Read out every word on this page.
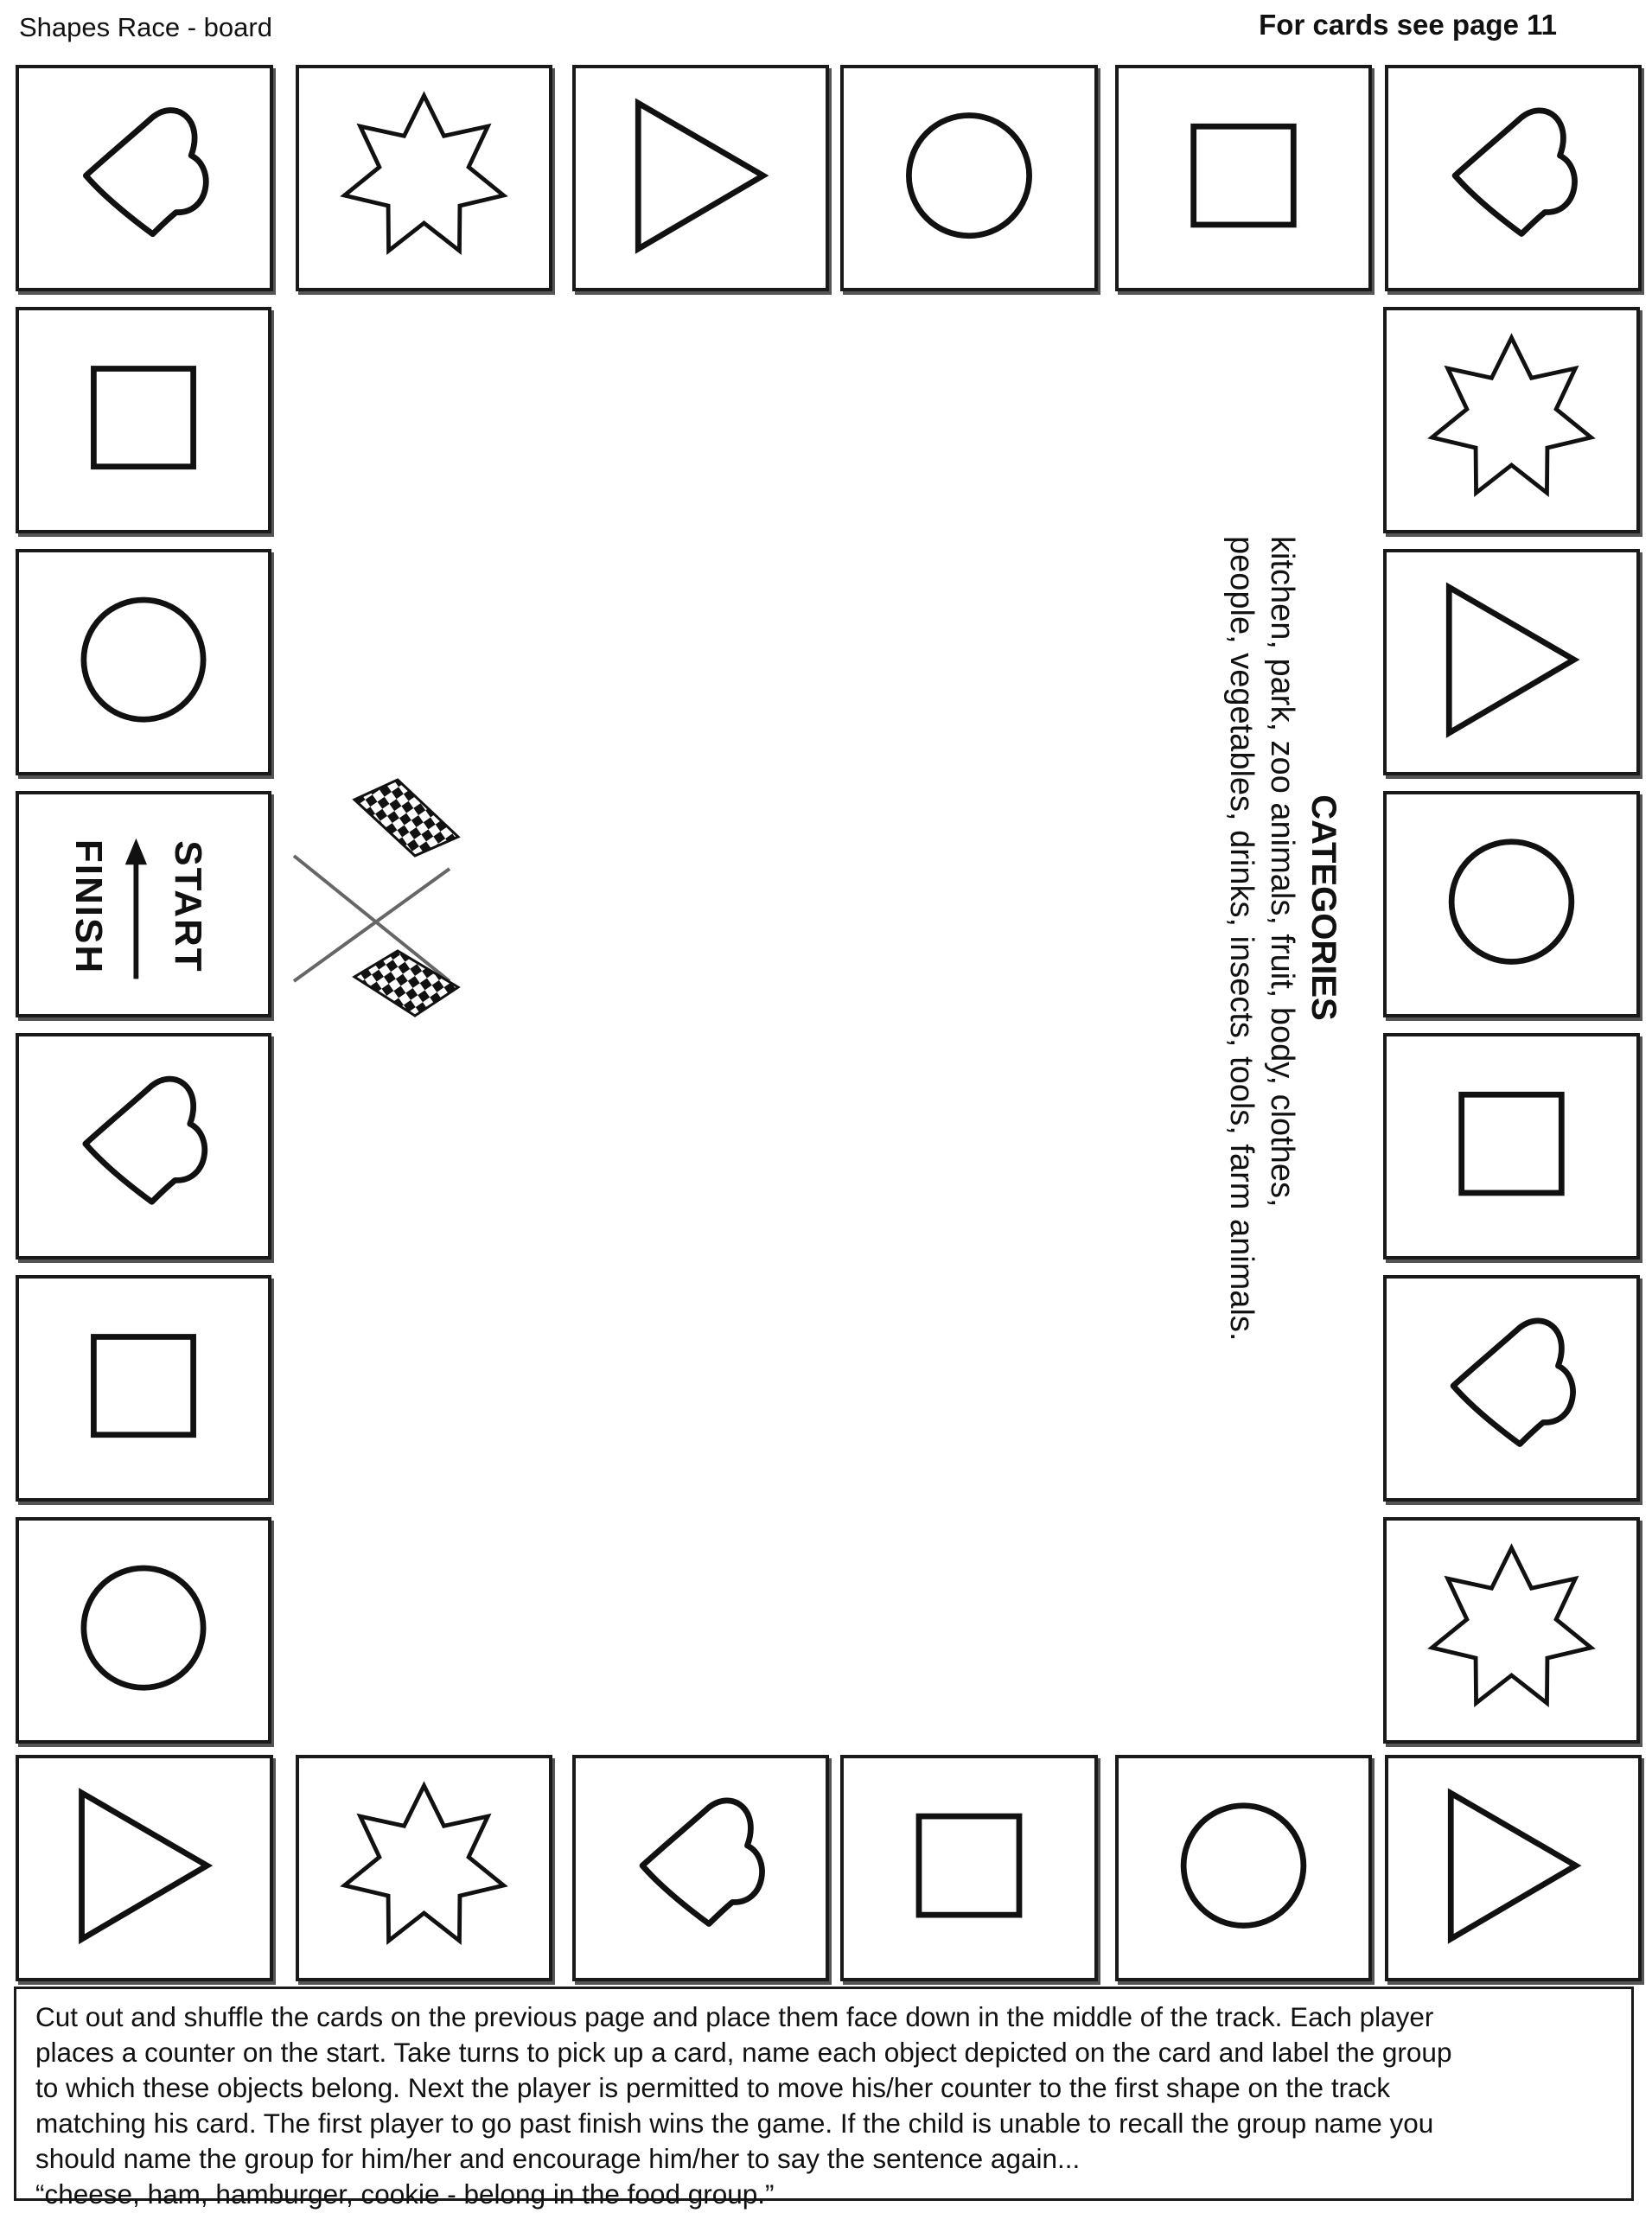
Shapes Race - board	For cards see page 11
START
FINISH	CATEGORIES
kitchen, park, zoo animals, fruit, body, clothes,
people, vegetables, drinks, insects, tools, farm animals.

Cut out and shuffle the cards on the previous page and place them face down in the middle of the track. Each player

places a counter on the start. Take turns to pick up a card, name each object depicted on the card and label the group

to which these objects belong. Next the player is permitted to move his/her counter to the first shape on the track

matching his card. The first player to go past finish wins the game. If the child is unable to recall the group name you

should name the group for him/her and encourage him/her to say the sentence again...

“cheese, ham, hamburger, cookie - belong in the food group.”
